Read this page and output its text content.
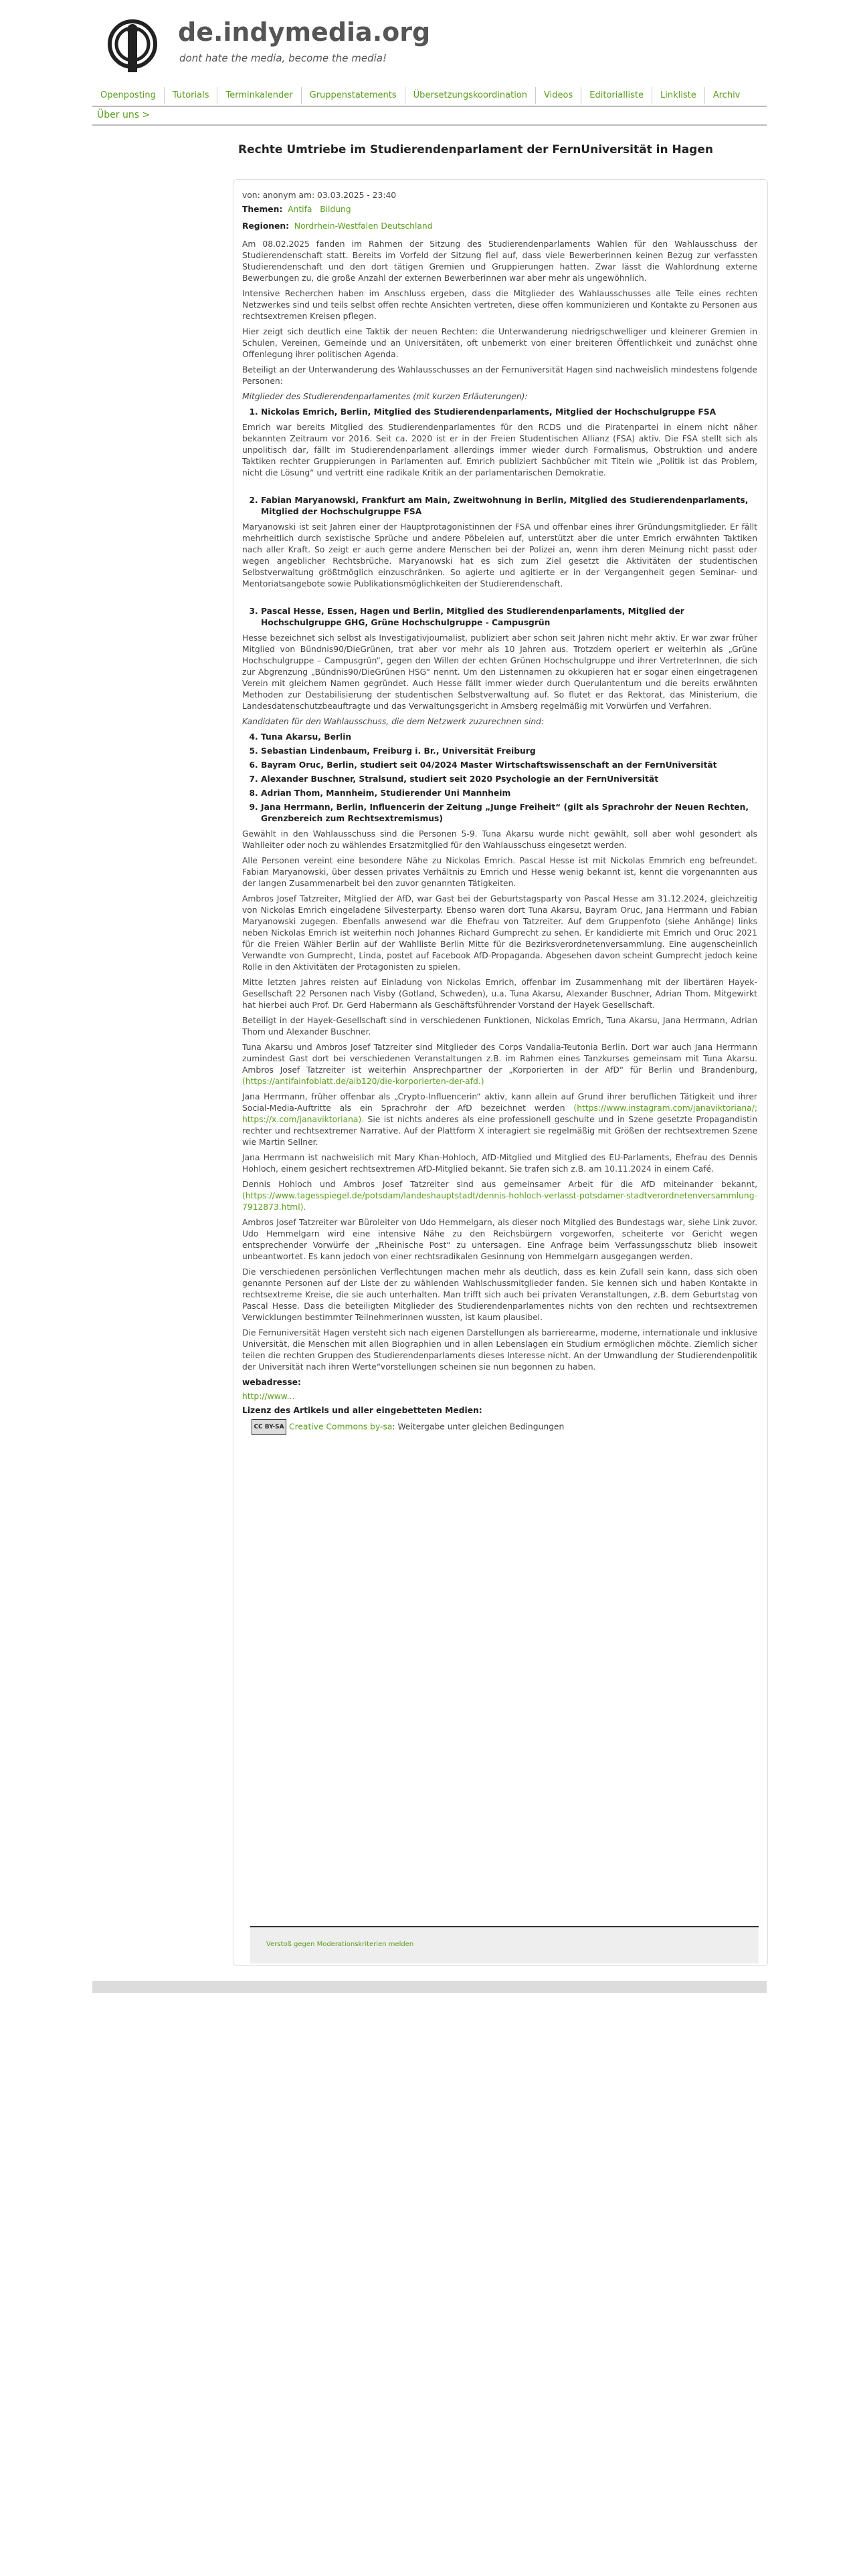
de.indymedia.org
dont hate the media, become the media!
Openposting Tutorials Terminkalender Gruppenstatements Übersetzungskoordination Videos Editorialliste Linkliste Archiv
Über uns >
Rechte Umtriebe im Studierendenparlament der FernUniversität in Hagen
von: anonym am: 03.03.2025 - 23:40
Themen: Antifa Bildung
Regionen: Nordrhein-Westfalen Deutschland

Am 08.02.2025 fanden im Rahmen der Sitzung des Studierendenparlaments Wahlen für den Wahlausschuss der Studierendenschaft statt. Bereits im Vorfeld der Sitzung fiel auf, dass viele Bewerberinnen keinen Bezug zur verfassten Studierendenschaft und den dort tätigen Gremien und Gruppierungen hatten. Zwar lässt die Wahlordnung externe Bewerbungen zu, die große Anzahl der externen Bewerberinnen war aber mehr als ungewöhnlich.

Intensive Recherchen haben im Anschluss ergeben, dass die Mitglieder des Wahlausschusses alle Teile eines rechten Netzwerkes sind und teils selbst offen rechte Ansichten vertreten, diese offen kommunizieren und Kontakte zu Personen aus rechtsextremen Kreisen pflegen.

Hier zeigt sich deutlich eine Taktik der neuen Rechten: die Unterwanderung niedrigschwelliger und kleinerer Gremien in Schulen, Vereinen, Gemeinde und an Universitäten, oft unbemerkt von einer breiteren Öffentlichkeit und zunächst ohne Offenlegung ihrer politischen Agenda.

Beteiligt an der Unterwanderung des Wahlausschusses an der Fernuniversität Hagen sind nachweislich mindestens folgende Personen:

Mitglieder des Studierendenparlamentes (mit kurzen Erläuterungen):

1. Nickolas Emrich, Berlin, Mitglied des Studierendenparlaments, Mitglied der Hochschulgruppe FSA

Emrich war bereits Mitglied des Studierendenparlamentes für den RCDS und die Piratenpartei in einem nicht näher bekannten Zeitraum vor 2016. Seit ca. 2020 ist er in der Freien Studentischen Allianz (FSA) aktiv. Die FSA stellt sich als unpolitisch dar, fällt im Studierendenparlament allerdings immer wieder durch Formalismus, Obstruktion und andere Taktiken rechter Gruppierungen in Parlamenten auf. Emrich publiziert Sachbücher mit Titeln wie „Politik ist das Problem, nicht die Lösung“ und vertritt eine radikale Kritik an der parlamentarischen Demokratie.

2. Fabian Maryanowski, Frankfurt am Main, Zweitwohnung in Berlin, Mitglied des Studierendenparlaments, Mitglied der Hochschulgruppe FSA

Maryanowski ist seit Jahren einer der Hauptprotagonistinnen der FSA und offenbar eines ihrer Gründungsmitglieder. Er fällt mehrheitlich durch sexistische Sprüche und andere Pöbeleien auf, unterstützt aber die unter Emrich erwähnten Taktiken nach aller Kraft. So zeigt er auch gerne andere Menschen bei der Polizei an, wenn ihm deren Meinung nicht passt oder wegen angeblicher Rechtsbrüche. Maryanowski hat es sich zum Ziel gesetzt die Aktivitäten der studentischen Selbstverwaltung größtmöglich einzuschränken. So agierte und agitierte er in der Vergangenheit gegen Seminar- und Mentoriatsangebote sowie Publikationsmöglichkeiten der Studierendenschaft.

3. Pascal Hesse, Essen, Hagen und Berlin, Mitglied des Studierendenparlaments, Mitglied der Hochschulgruppe GHG, Grüne Hochschulgruppe - Campusgrün

Hesse bezeichnet sich selbst als Investigativjournalist, publiziert aber schon seit Jahren nicht mehr aktiv. Er war zwar früher Mitglied von Bündnis90/DieGrünen, trat aber vor mehr als 10 Jahren aus. Trotzdem operiert er weiterhin als „Grüne Hochschulgruppe – Campusgrün“, gegen den Willen der echten Grünen Hochschulgruppe und ihrer VertreterInnen, die sich zur Abgrenzung „Bündnis90/DieGrünen HSG“ nennt. Um den Listennamen zu okkupieren hat er sogar einen eingetragenen Verein mit gleichem Namen gegründet. Auch Hesse fällt immer wieder durch Querulantentum und die bereits erwähnten Methoden zur Destabilisierung der studentischen Selbstverwaltung auf. So flutet er das Rektorat, das Ministerium, die Landesdatenschutzbeauftragte und das Verwaltungsgericht in Arnsberg regelmäßig mit Vorwürfen und Verfahren.

Kandidaten für den Wahlausschuss, die dem Netzwerk zuzurechnen sind:

4. Tuna Akarsu, Berlin
5. Sebastian Lindenbaum, Freiburg i. Br., Universität Freiburg
6. Bayram Oruc, Berlin, studiert seit 04/2024 Master Wirtschaftswissenschaft an der FernUniversität
7. Alexander Buschner, Stralsund, studiert seit 2020 Psychologie an der FernUniversität
8. Adrian Thom, Mannheim, Studierender Uni Mannheim
9. Jana Herrmann, Berlin, Influencerin der Zeitung „Junge Freiheit“ (gilt als Sprachrohr der Neuen Rechten, Grenzbereich zum Rechtsextremismus)

Gewählt in den Wahlausschuss sind die Personen 5-9. Tuna Akarsu wurde nicht gewählt, soll aber wohl gesondert als Wahlleiter oder noch zu wählendes Ersatzmitglied für den Wahlausschuss eingesetzt werden.

Alle Personen vereint eine besondere Nähe zu Nickolas Emrich. Pascal Hesse ist mit Nickolas Emmrich eng befreundet. Fabian Maryanowski, über dessen privates Verhältnis zu Emrich und Hesse wenig bekannt ist, kennt die vorgenannten aus der langen Zusammenarbeit bei den zuvor genannten Tätigkeiten.

Ambros Josef Tatzreiter, Mitglied der AfD, war Gast bei der Geburtstagsparty von Pascal Hesse am 31.12.2024, gleichzeitig von Nickolas Emrich eingeladene Silvesterparty. Ebenso waren dort Tuna Akarsu, Bayram Oruc, Jana Herrmann und Fabian Maryanowski zugegen. Ebenfalls anwesend war die Ehefrau von Tatzreiter. Auf dem Gruppenfoto (siehe Anhänge) links neben Nickolas Emrich ist weiterhin noch Johannes Richard Gumprecht zu sehen. Er kandidierte mit Emrich und Oruc 2021 für die Freien Wähler Berlin auf der Wahlliste Berlin Mitte für die Bezirksverordnetenversammlung. Eine augenscheinlich Verwandte von Gumprecht, Linda, postet auf Facebook AfD-Propaganda. Abgesehen davon scheint Gumprecht jedoch keine Rolle in den Aktivitäten der Protagonisten zu spielen.

Mitte letzten Jahres reisten auf Einladung von Nickolas Emrich, offenbar im Zusammenhang mit der libertären Hayek-Gesellschaft 22 Personen nach Visby (Gotland, Schweden), u.a. Tuna Akarsu, Alexander Buschner, Adrian Thom. Mitgewirkt hat hierbei auch Prof. Dr. Gerd Habermann als Geschäftsführender Vorstand der Hayek Gesellschaft.

Beteiligt in der Hayek-Gesellschaft sind in verschiedenen Funktionen, Nickolas Emrich, Tuna Akarsu, Jana Herrmann, Adrian Thom und Alexander Buschner.

Tuna Akarsu und Ambros Josef Tatzreiter sind Mitglieder des Corps Vandalia-Teutonia Berlin. Dort war auch Jana Herrmann zumindest Gast dort bei verschiedenen Veranstaltungen z.B. im Rahmen eines Tanzkurses gemeinsam mit Tuna Akarsu. Ambros Josef Tatzreiter ist weiterhin Ansprechpartner der „Korporierten in der AfD“ für Berlin und Brandenburg, (https://antifainfoblatt.de/aib120/die-korporierten-der-afd.)

Jana Herrmann, früher offenbar als „Crypto-Influencerin“ aktiv, kann allein auf Grund ihrer beruflichen Tätigkeit und ihrer Social-Media-Auftritte als ein Sprachrohr der AfD bezeichnet werden (https://www.instagram.com/janaviktoriana/; https://x.com/janaviktoriana). Sie ist nichts anderes als eine professionell geschulte und in Szene gesetzte Propagandistin rechter und rechtsextremer Narrative. Auf der Plattform X interagiert sie regelmäßig mit Größen der rechtsextremen Szene wie Martin Sellner.

Jana Herrmann ist nachweislich mit Mary Khan-Hohloch, AfD-Mitglied und Mitglied des EU-Parlaments, Ehefrau des Dennis Hohloch, einem gesichert rechtsextremen AfD-Mitglied bekannt. Sie trafen sich z.B. am 10.11.2024 in einem Café.

Dennis Hohloch und Ambros Josef Tatzreiter sind aus gemeinsamer Arbeit für die AfD miteinander bekannt, (https://www.tagesspiegel.de/potsdam/landeshauptstadt/dennis-hohloch-verlasst-potsdamer-stadtverordnetenversammlung-7912873.html).

Ambros Josef Tatzreiter war Büroleiter von Udo Hemmelgarn, als dieser noch Mitglied des Bundestags war, siehe Link zuvor. Udo Hemmelgarn wird eine intensive Nähe zu den Reichsbürgern vorgeworfen, scheiterte vor Gericht wegen entsprechender Vorwürfe der „Rheinische Post“ zu untersagen. Eine Anfrage beim Verfassungsschutz blieb insoweit unbeantwortet. Es kann jedoch von einer rechtsradikalen Gesinnung von Hemmelgarn ausgegangen werden.

Die verschiedenen persönlichen Verflechtungen machen mehr als deutlich, dass es kein Zufall sein kann, dass sich oben genannte Personen auf der Liste der zu wählenden Wahlschussmitglieder fanden. Sie kennen sich und haben Kontakte in rechtsextreme Kreise, die sie auch unterhalten. Man trifft sich auch bei privaten Veranstaltungen, z.B. dem Geburtstag von Pascal Hesse. Dass die beteiligten Mitglieder des Studierendenparlamentes nichts von den rechten und rechtsextremen Verwicklungen bestimmter Teilnehmerinnen wussten, ist kaum plausibel.

Die Fernuniversität Hagen versteht sich nach eigenen Darstellungen als barrierearme, moderne, internationale und inklusive Universität, die Menschen mit allen Biographien und in allen Lebenslagen ein Studium ermöglichen möchte. Ziemlich sicher teilen die rechten Gruppen des Studierendenparlaments dieses Interesse nicht. An der Umwandlung der Studierendenpolitik der Universität nach ihren Werte“vorstellungen scheinen sie nun begonnen zu haben.

webadresse:
http://www...
Lizenz des Artikels und aller eingebetteten Medien:
CC BY-SA Creative Commons by-sa: Weitergabe unter gleichen Bedingungen
Verstoß gegen Moderationskriterien melden
